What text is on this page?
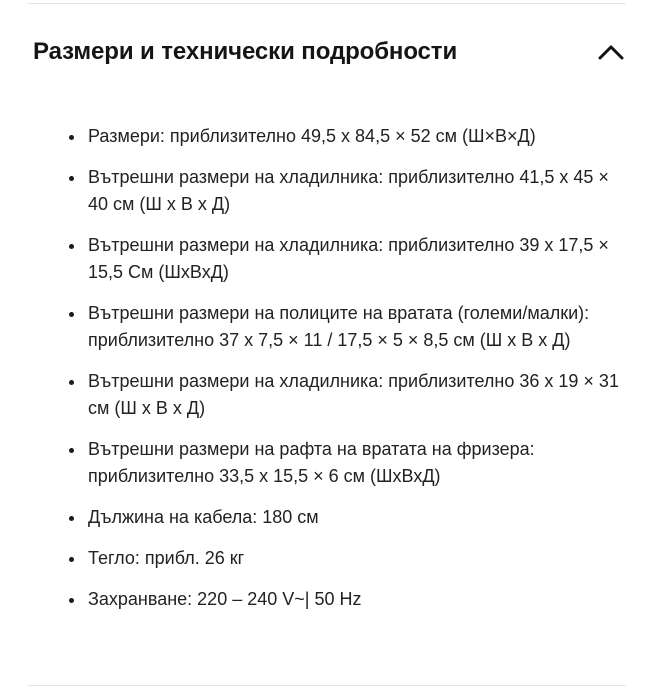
Размери и технически подробности
Размери: приблизително 49,5 x 84,5 × 52 см (Ш×В×Д)
Вътрешни размери на хладилника: приблизително 41,5 x 45 × 40 см (Ш x В x Д)
Вътрешни размери на хладилника: приблизително 39 x 17,5 × 15,5 См (ШхВхД)
Вътрешни размери на полиците на вратата (големи/малки): приблизително 37 x 7,5 × 11 / 17,5 × 5 × 8,5 см (Ш x В x Д)
Вътрешни размери на хладилника: приблизително 36 x 19 × 31 см (Ш x В x Д)
Вътрешни размери на рафта на вратата на фризера: приблизително 33,5 x 15,5 × 6 см (ШхВхД)
Дължина на кабела: 180 см
Тегло: прибл. 26 кг
Захранване: 220 – 240 V~| 50 Hz
